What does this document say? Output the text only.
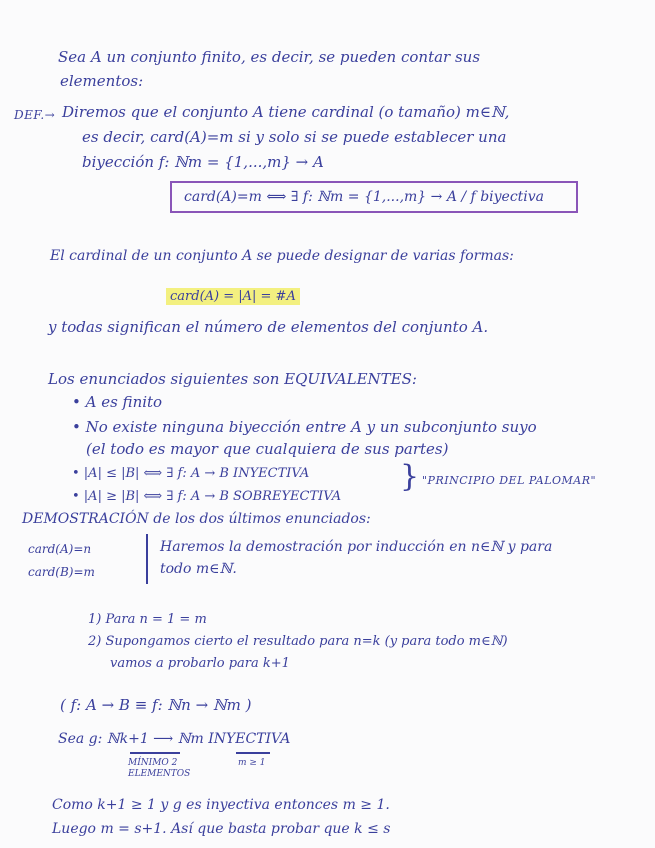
Sea A un conjunto finito, es decir, se pueden contar sus
elementos:
DEF.→ Diremos que el conjunto A tiene cardinal (o tamaño) m∈ℕ,
es decir, card(A)=m si y solo si se puede establecer una
biyección f: ℕm = {1,...,m} → A
card(A)=m ⟺ ∃ f: ℕm = {1,...,m} → A / f biyectiva
El cardinal de un conjunto A se puede designar de varias formas:
card(A) = |A| = #A
y todas significan el número de elementos del conjunto A.
Los enunciados siguientes son EQUIVALENTES:
• A es finito
• No existe ninguna biyección entre A y un subconjunto suyo
(el todo es mayor que cualquiera de sus partes)
• |A| ≤ |B| ⟺ ∃ f: A → B INYECTIVA
• |A| ≥ |B| ⟺ ∃ f: A → B SOBREYECTIVA
} "PRINCIPIO DEL PALOMAR"
DEMOSTRACIÓN de los dos últimos enunciados:
card(A)=n
card(B)=m
Haremos la demostración por inducción en n∈ℕ y para
todo m∈ℕ.
1) Para n = 1 = m
2) Supongamos cierto el resultado para n=k (y para todo m∈ℕ)
vamos a probarlo para k+1
( f: A → B ≡ f: ℕn → ℕm )
Sea g: ℕk+1 ⟶ ℕm INYECTIVA
MÍNIMO 2
ELEMENTOS
m ≥ 1
Como k+1 ≥ 1 y g es inyectiva entonces m ≥ 1.
Luego m = s+1. Así que basta probar que k ≤ s
